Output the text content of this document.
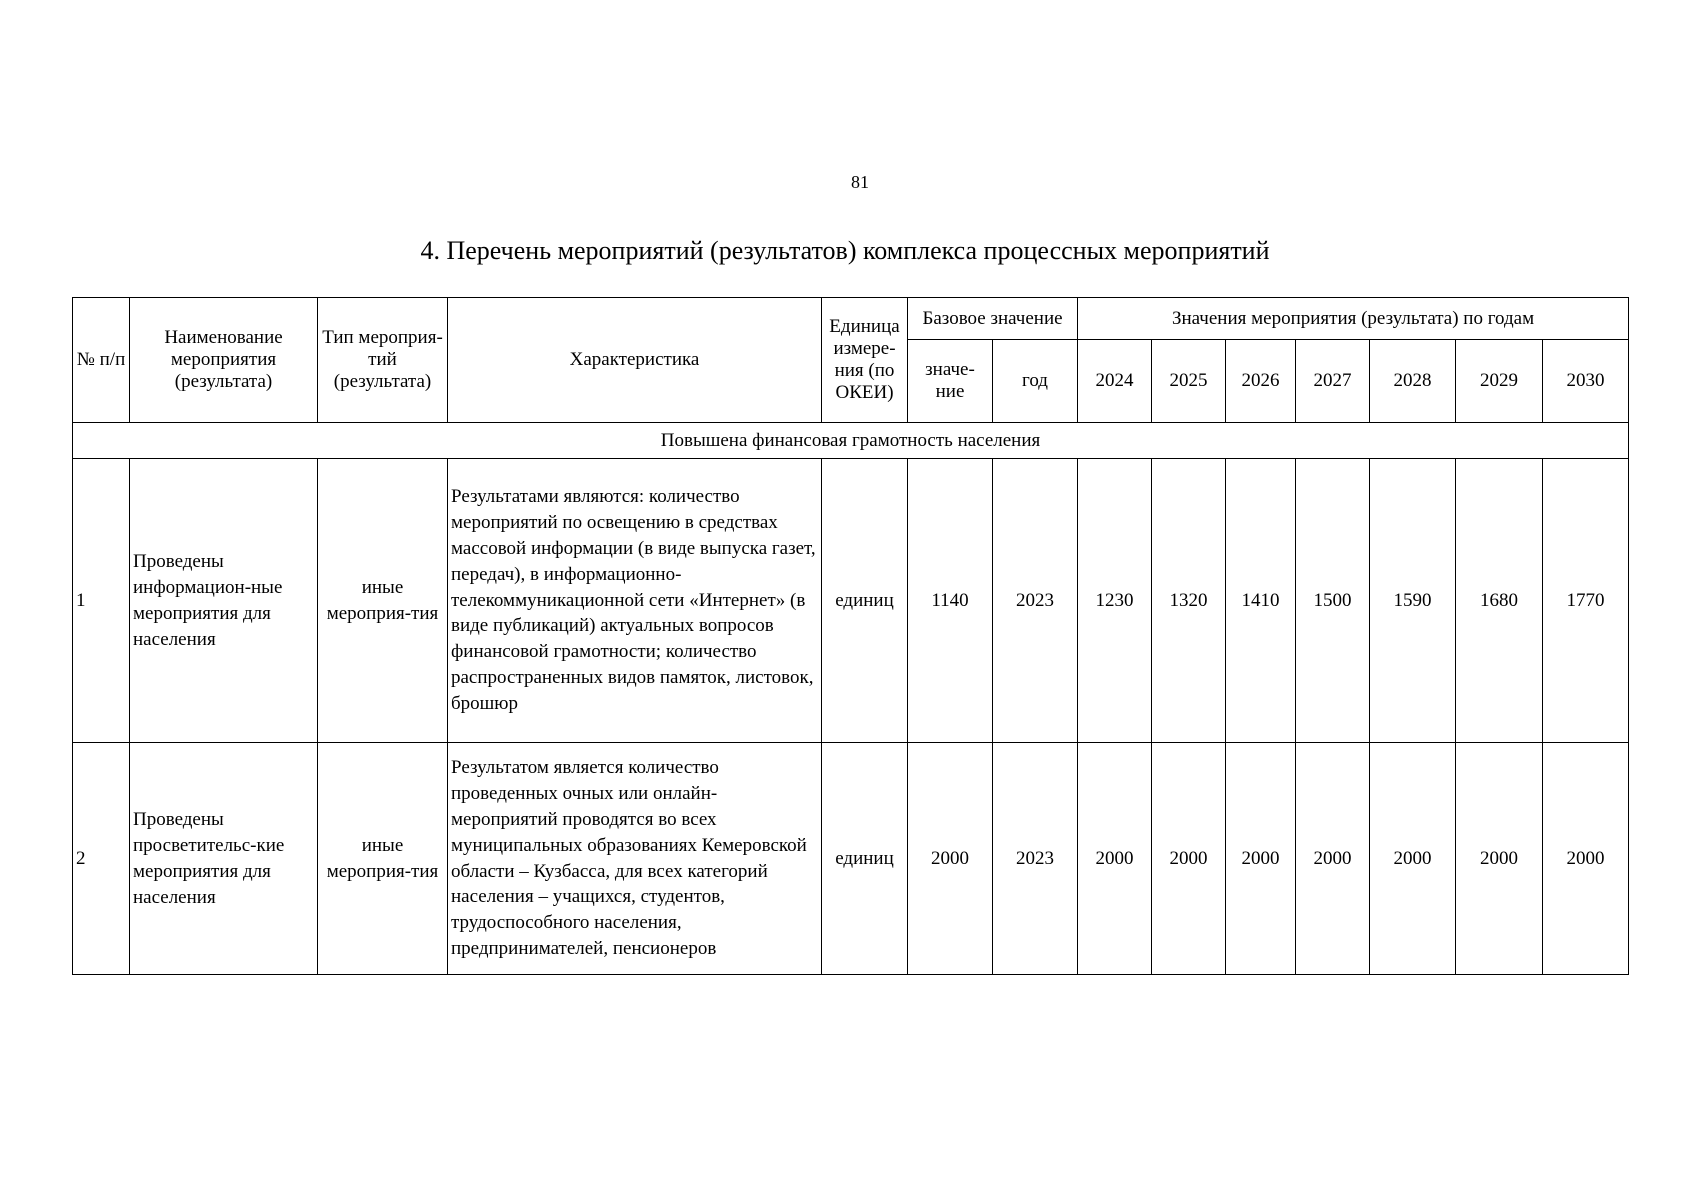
81
4. Перечень мероприятий (результатов) комплекса процессных мероприятий
№ п/п	Наименование мероприятия (результата)	Тип мероприя-тий (результата)	Характеристика	Единица измере-ния (по ОКЕИ)	Базовое значение		Значения мероприятия (результата) по годам						
					значе-ние	год	2024	2025	2026	2027	2028	2029	2030
Повышена финансовая грамотность населения													
1	Проведены информацион-ные мероприятия для населения	иные мероприя-тия	Результатами являются: количество мероприятий по освещению в средствах массовой информации (в виде выпуска газет, передач), в информационно-телекоммуникационной сети «Интернет» (в виде публикаций) актуальных вопросов финансовой грамотности; количество распространенных видов памяток, листовок, брошюр	единиц	1140	2023	1230	1320	1410	1500	1590	1680	1770
2	Проведены просветительс-кие мероприятия для населения	иные мероприя-тия	Результатом является количество проведенных очных или онлайн-мероприятий проводятся во всех муниципальных образованиях Кемеровской области – Кузбасса, для всех категорий населения – учащихся, студентов, трудоспособного населения, предпринимателей, пенсионеров	единиц	2000	2023	2000	2000	2000	2000	2000	2000	2000
